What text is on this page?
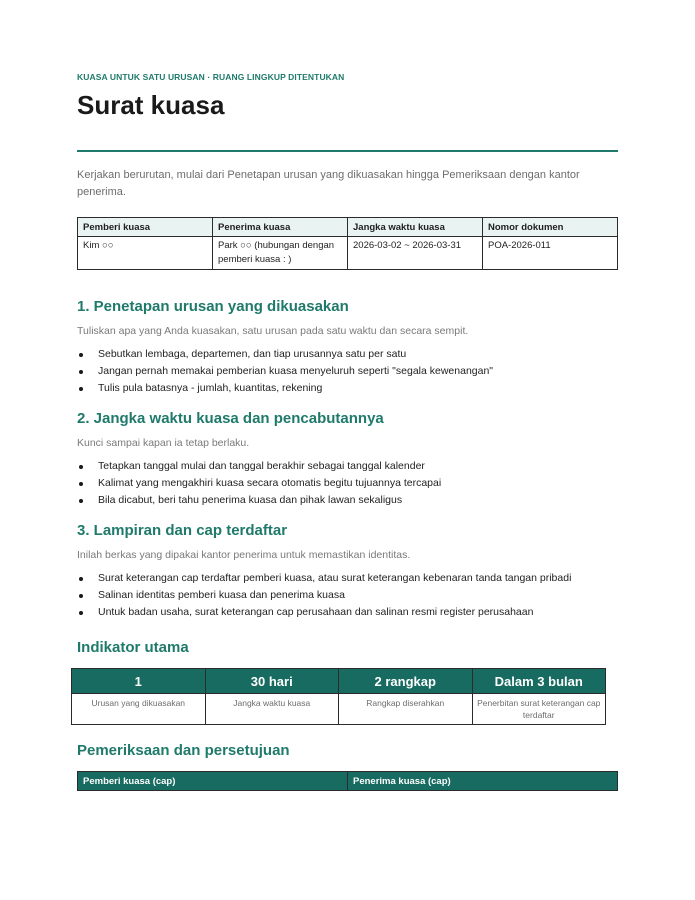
KUASA UNTUK SATU URUSAN · RUANG LINGKUP DITENTUKAN
Surat kuasa
Kerjakan berurutan, mulai dari Penetapan urusan yang dikuasakan hingga Pemeriksaan dengan kantor penerima.
Pemberi kuasa	Penerima kuasa	Jangka waktu kuasa	Nomor dokumen
Kim ○○	Park ○○ (hubungan dengan pemberi kuasa : )	2026-03-02 ~ 2026-03-31	POA-2026-011
1. Penetapan urusan yang dikuasakan
Tuliskan apa yang Anda kuasakan, satu urusan pada satu waktu dan secara sempit.
Sebutkan lembaga, departemen, dan tiap urusannya satu per satu
Jangan pernah memakai pemberian kuasa menyeluruh seperti "segala kewenangan"
Tulis pula batasnya - jumlah, kuantitas, rekening
2. Jangka waktu kuasa dan pencabutannya
Kunci sampai kapan ia tetap berlaku.
Tetapkan tanggal mulai dan tanggal berakhir sebagai tanggal kalender
Kalimat yang mengakhiri kuasa secara otomatis begitu tujuannya tercapai
Bila dicabut, beri tahu penerima kuasa dan pihak lawan sekaligus
3. Lampiran dan cap terdaftar
Inilah berkas yang dipakai kantor penerima untuk memastikan identitas.
Surat keterangan cap terdaftar pemberi kuasa, atau surat keterangan kebenaran tanda tangan pribadi
Salinan identitas pemberi kuasa dan penerima kuasa
Untuk badan usaha, surat keterangan cap perusahaan dan salinan resmi register perusahaan
Indikator utama
1	30 hari	2 rangkap	Dalam 3 bulan
Urusan yang dikuasakan	Jangka waktu kuasa	Rangkap diserahkan	Penerbitan surat keterangan cap terdaftar
Pemeriksaan dan persetujuan
Pemberi kuasa (cap)	Penerima kuasa (cap)
